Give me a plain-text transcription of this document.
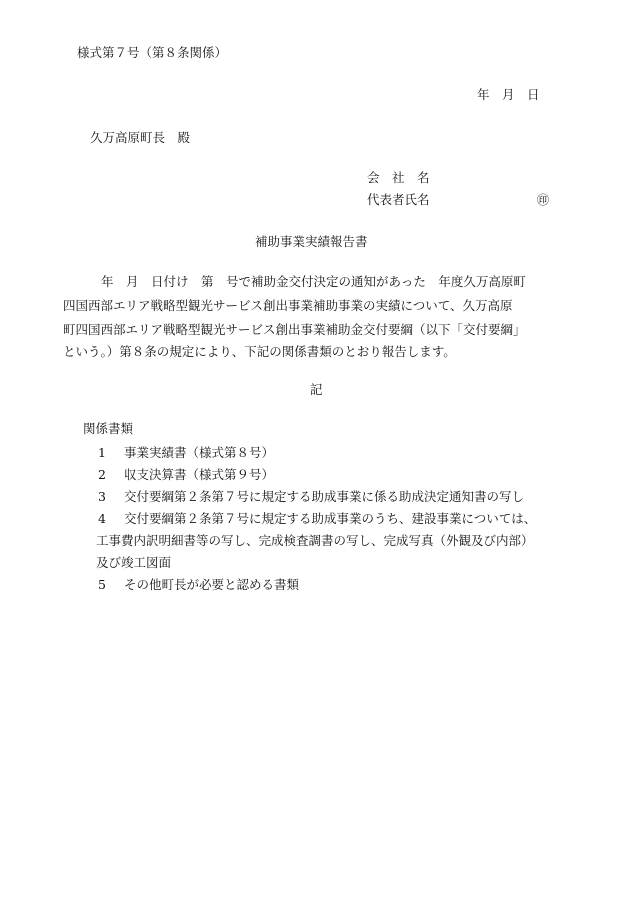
様式第７号（第８条関係）
年　月　日
久万高原町長　殿
会　社　名
代表者氏名	㊞
補助事業実績報告書
　　年　月　日付け　第　号で補助金交付決定の通知があった　年度久万高原町
四国西部エリア戦略型観光サービス創出事業補助事業の実績について、久万高原
町四国西部エリア戦略型観光サービス創出事業補助金交付要綱（以下「交付要綱」
という。）第８条の規定により、下記の関係書類のとおり報告します。
記
関係書類
1 事業実績書（様式第８号）
2 収支決算書（様式第９号）
3 交付要綱第２条第７号に規定する助成事業に係る助成決定通知書の写し
4 交付要綱第２条第７号に規定する助成事業のうち、建設事業については、
工事費内訳明細書等の写し、完成検査調書の写し、完成写真（外観及び内部）
及び竣工図面
5 その他町長が必要と認める書類
